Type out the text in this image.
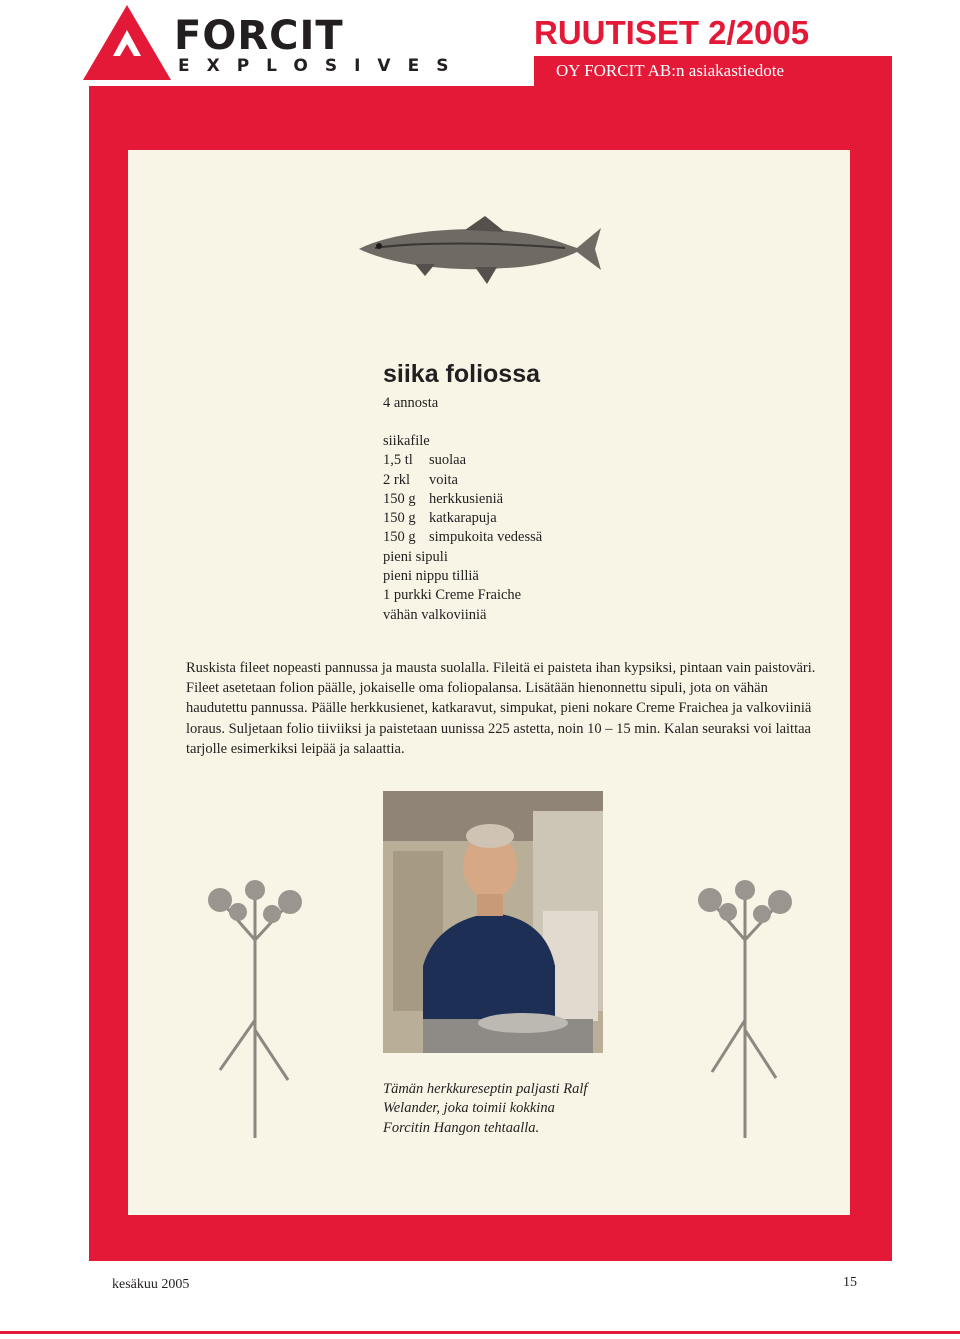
FORCIT
EXPLOSIVES
RUUTISET 2/2005
OY FORCIT AB:n asiakastiedote
siika foliossa
4 annosta
siikafile
1,5 tl	suolaa
2 rkl	voita
150 g herkkusieniä
150 g katkarapuja
150 g simpukoita vedessä
pieni sipuli
pieni nippu tilliä
1 purkki Creme Fraiche
vähän valkoviiniä
Ruskista fileet nopeasti pannussa ja mausta suolalla. Fileitä ei paisteta ihan kypsiksi, pintaan vain paistoväri. Fileet asetetaan folion päälle, jokaiselle oma foliopalansa. Lisätään hienonnettu sipuli, jota on vähän haudutettu pannussa. Päälle herkkusienet, katkaravut, simpukat, pieni nokare Creme Fraichea ja valkoviiniä loraus. Suljetaan folio tiiviiksi ja paistetaan uunissa 225 astetta, noin 10 – 15 min. Kalan seuraksi voi laittaa tarjolle esimerkiksi leipää ja salaattia.
Tämän herkkureseptin paljasti Ralf
Welander, joka toimii kokkina
Forcitin Hangon tehtaalla.
kesäkuu 2005	15
